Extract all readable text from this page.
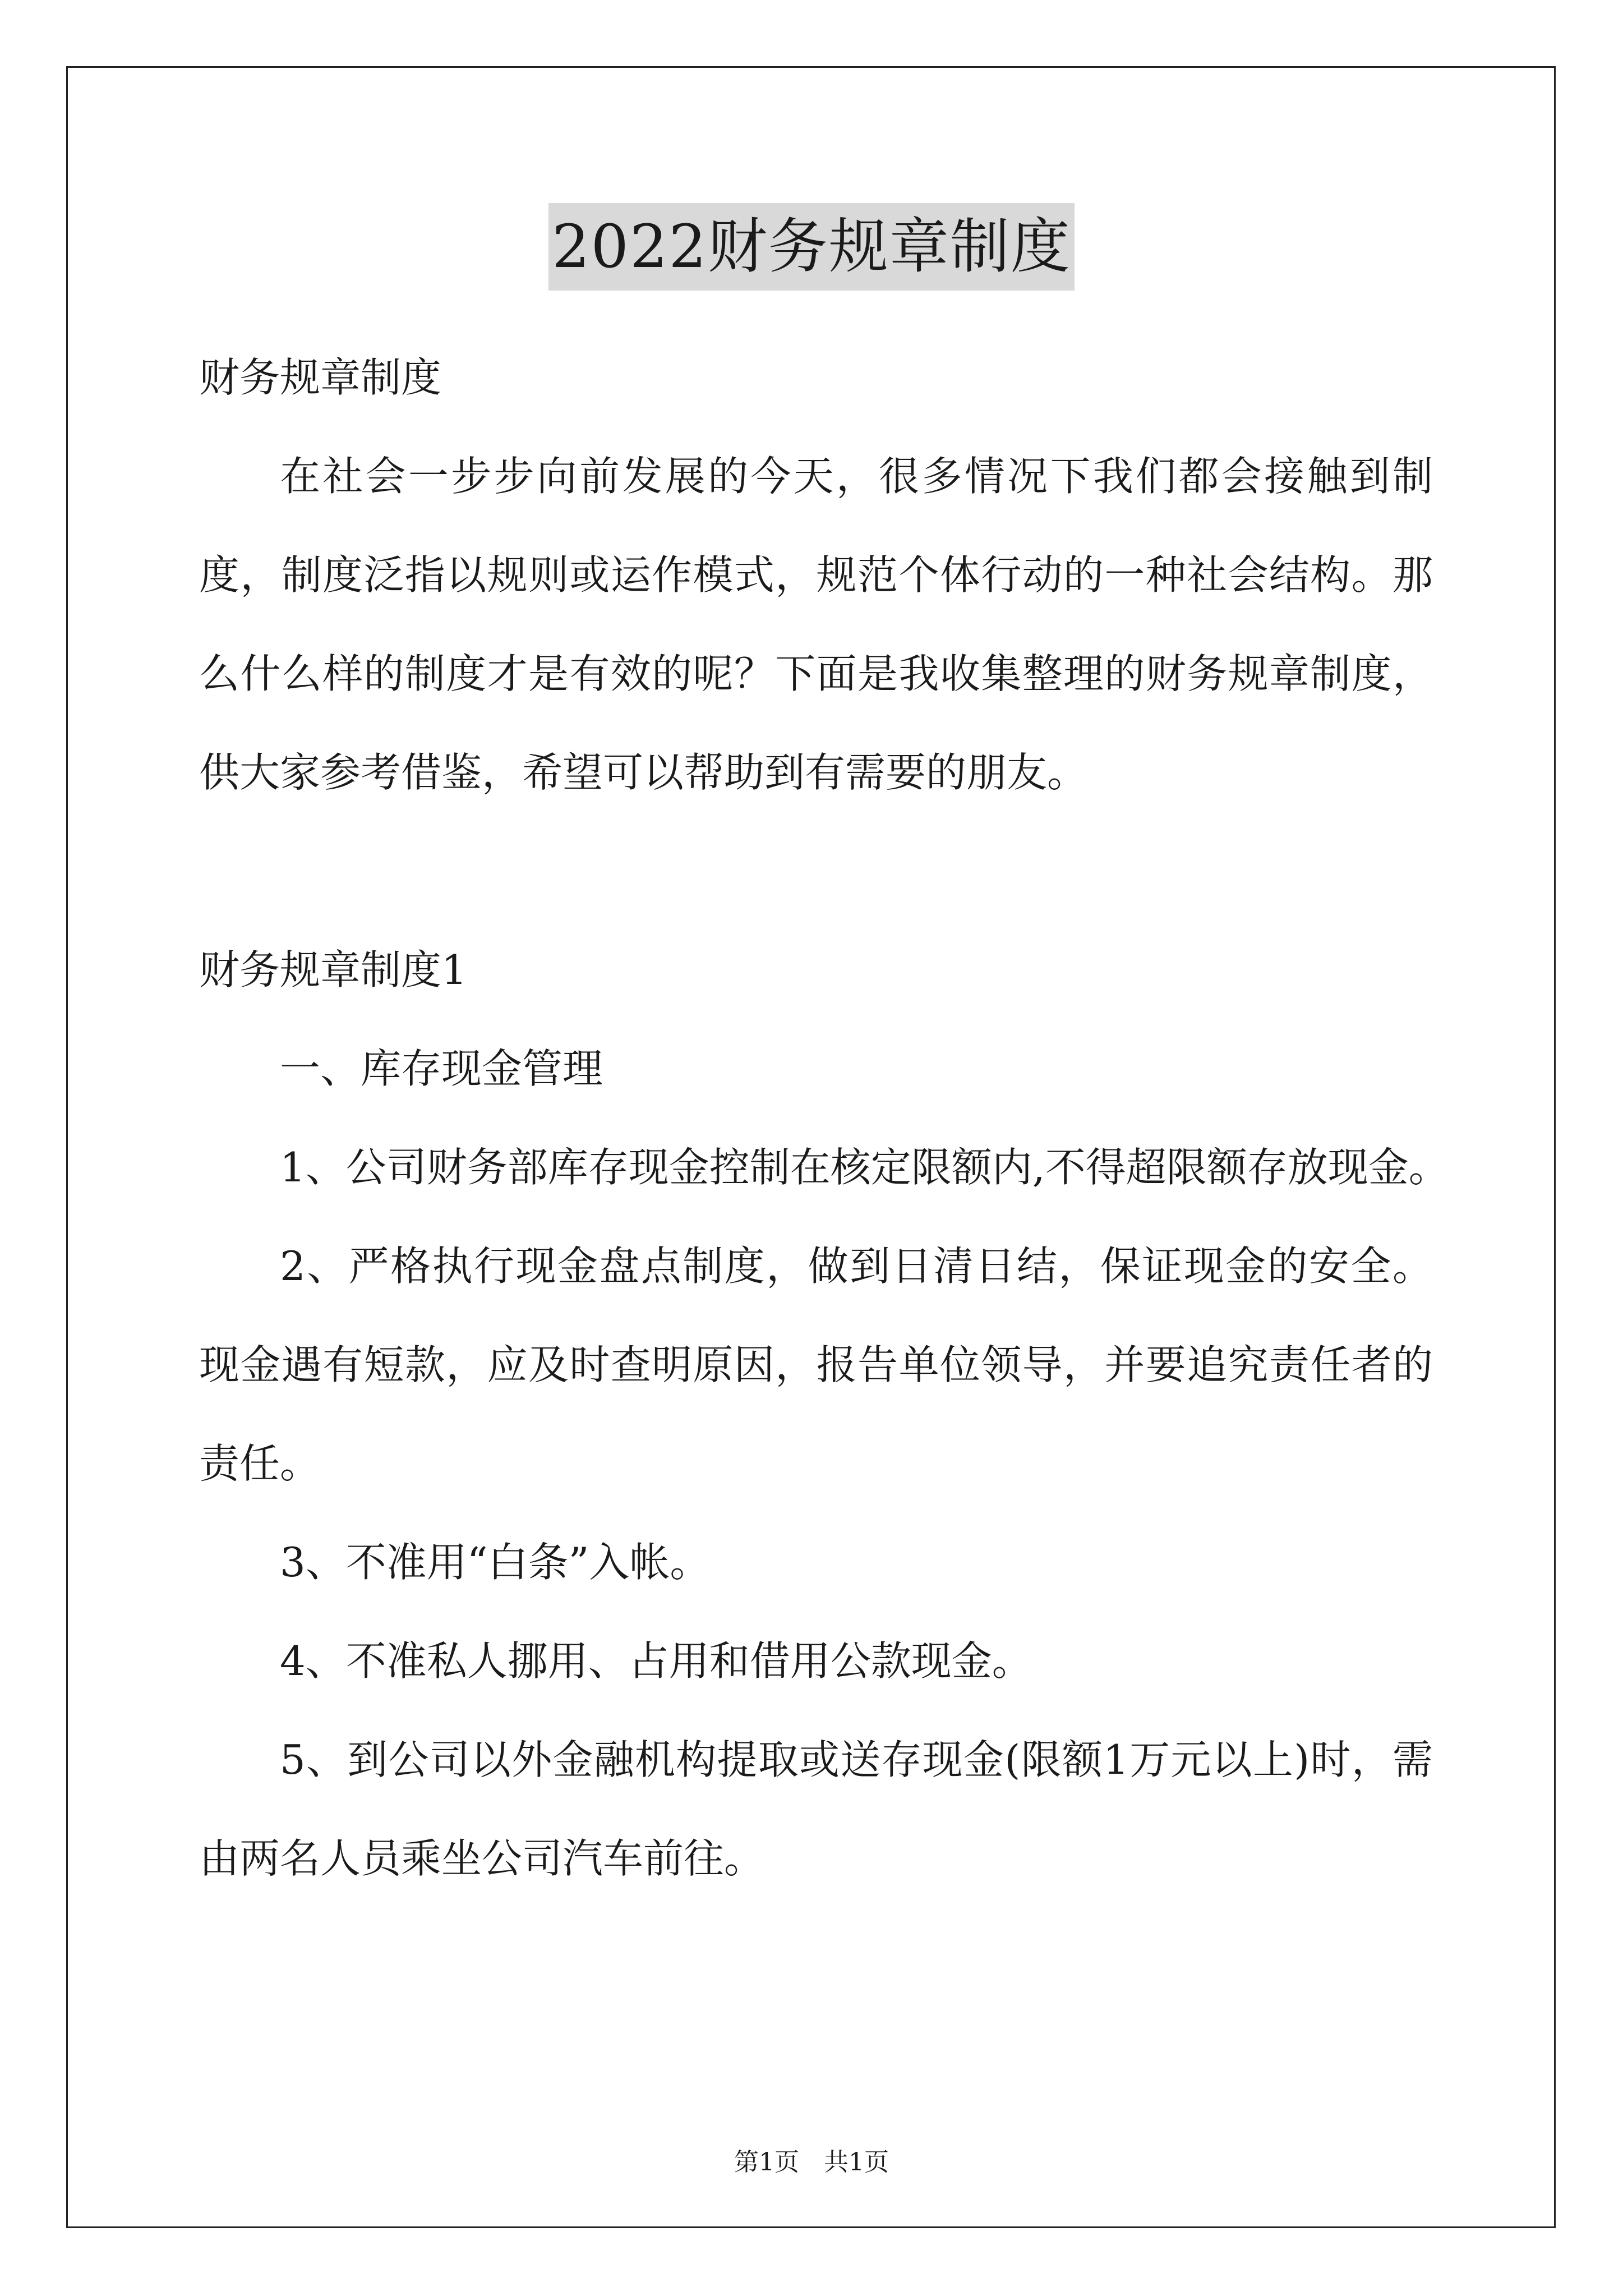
2022财务规章制度

财务规章制度

在社会一步步向前发展的今天，很多情况下我们都会接触到制度，制度泛指以规则或运作模式，规范个体行动的一种社会结构。那么什么样的制度才是有效的呢？下面是我收集整理的财务规章制度，供大家参考借鉴，希望可以帮助到有需要的朋友。

财务规章制度1

一、库存现金管理

1、公司财务部库存现金控制在核定限额内,不得超限额存放现金。

2、严格执行现金盘点制度，做到日清日结，保证现金的安全。现金遇有短款，应及时查明原因，报告单位领导，并要追究责任者的责任。

3、不准用“白条”入帐。

4、不准私人挪用、占用和借用公款现金。

5、到公司以外金融机构提取或送存现金(限额1万元以上)时，需由两名人员乘坐公司汽车前往。

第1页　共1页
